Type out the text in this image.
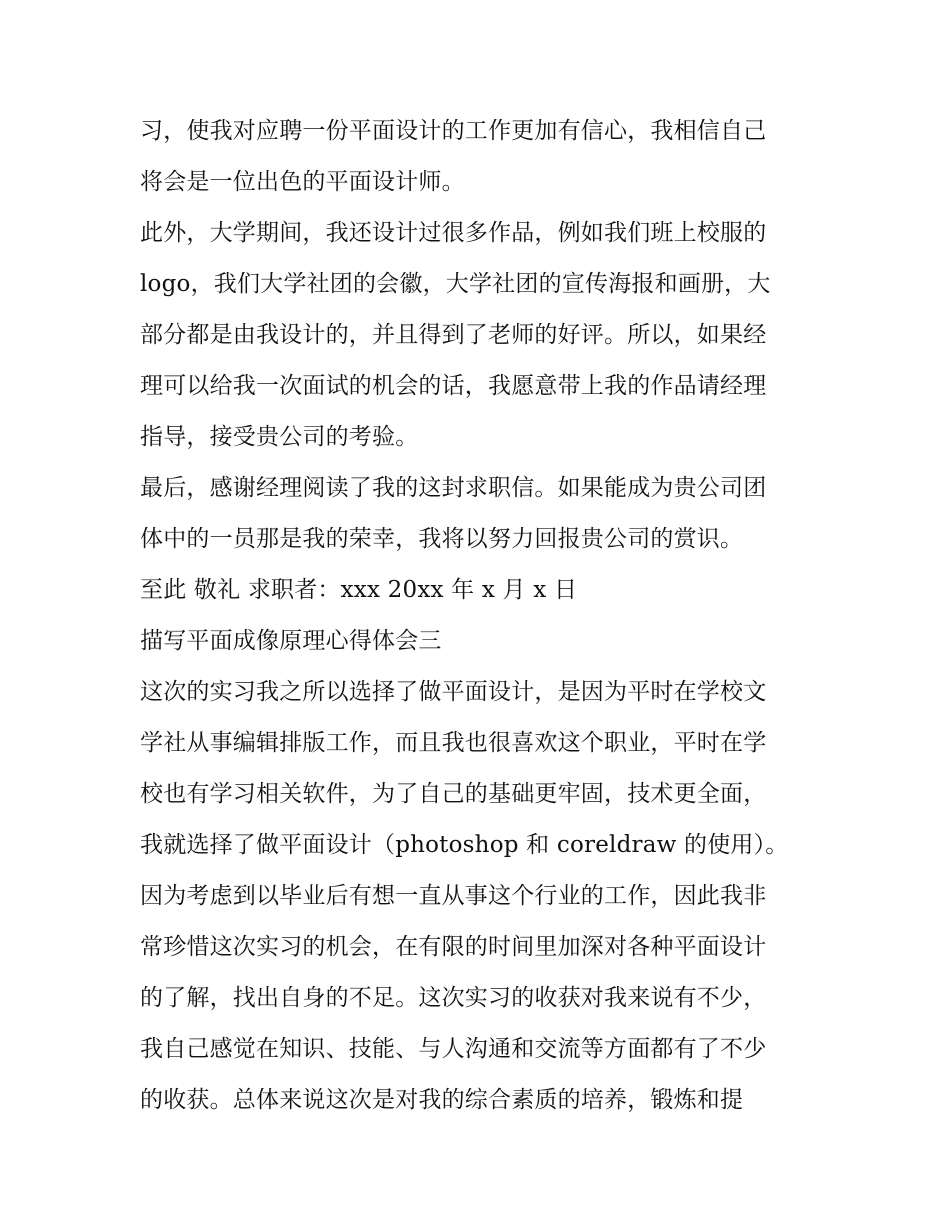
习，使我对应聘一份平面设计的工作更加有信心，我相信自己
将会是一位出色的平面设计师。
此外，大学期间，我还设计过很多作品，例如我们班上校服的
logo，我们大学社团的会徽，大学社团的宣传海报和画册，大
部分都是由我设计的，并且得到了老师的好评。所以，如果经
理可以给我一次面试的机会的话，我愿意带上我的作品请经理
指导，接受贵公司的考验。
最后，感谢经理阅读了我的这封求职信。如果能成为贵公司团
体中的一员那是我的荣幸，我将以努力回报贵公司的赏识。
至此 敬礼 求职者：xxx 20xx 年 x 月 x 日
描写平面成像原理心得体会三
这次的实习我之所以选择了做平面设计，是因为平时在学校文
学社从事编辑排版工作，而且我也很喜欢这个职业，平时在学
校也有学习相关软件，为了自己的基础更牢固，技术更全面，
我就选择了做平面设计（photoshop 和 coreldraw 的使用）。
因为考虑到以毕业后有想一直从事这个行业的工作，因此我非
常珍惜这次实习的机会，在有限的时间里加深对各种平面设计
的了解，找出自身的不足。这次实习的收获对我来说有不少，
我自己感觉在知识、技能、与人沟通和交流等方面都有了不少
的收获。总体来说这次是对我的综合素质的培养，锻炼和提
